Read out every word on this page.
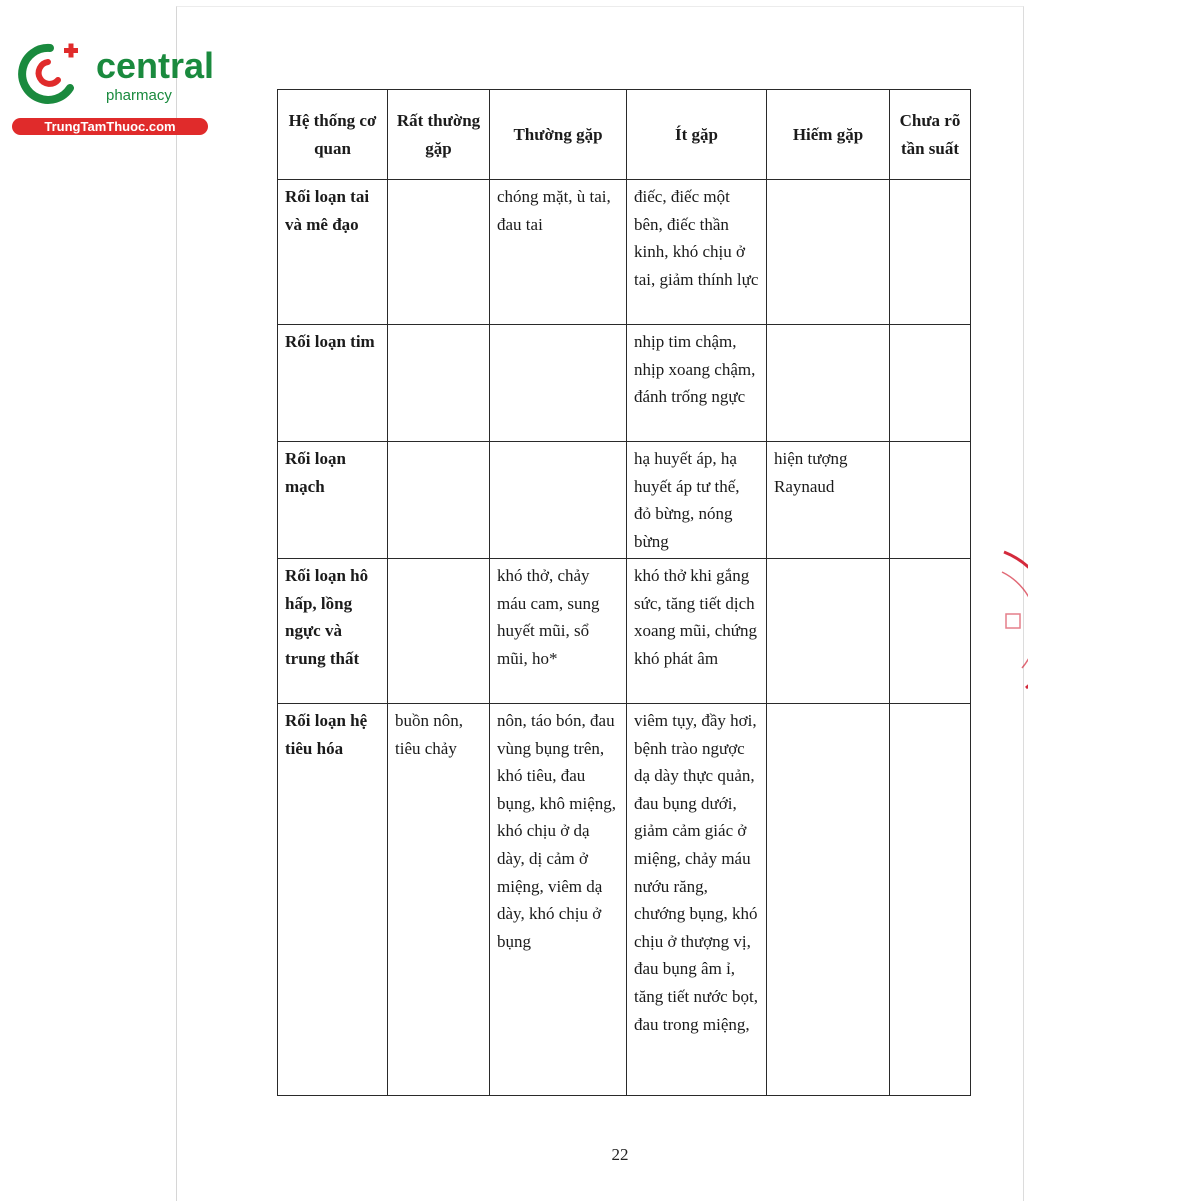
central
pharmacy
TrungTamThuoc.com	Hệ thống cơ quan	Rất thường gặp	Thường gặp	Ít gặp	Hiếm gặp	Chưa rõ tần suất
Rối loạn tai và mê đạo		chóng mặt, ù tai, đau tai	điếc, điếc một bên, điếc thần kinh, khó chịu ở tai, giảm thính lực		
Rối loạn tim			nhịp tim chậm, nhịp xoang chậm, đánh trống ngực		
Rối loạn mạch			hạ huyết áp, hạ huyết áp tư thế, đỏ bừng, nóng bừng	hiện tượng Raynaud	
Rối loạn hô hấp, lồng ngực và trung thất		khó thở, chảy máu cam, sung huyết mũi, sổ mũi, ho*	khó thở khi gắng sức, tăng tiết dịch xoang mũi, chứng khó phát âm		
Rối loạn hệ tiêu hóa	buồn nôn, tiêu chảy	nôn, táo bón, đau vùng bụng trên, khó tiêu, đau bụng, khô miệng, khó chịu ở dạ dày, dị cảm ở miệng, viêm dạ dày, khó chịu ở bụng	viêm tụy, đầy hơi, bệnh trào ngược dạ dày thực quản, đau bụng dưới, giảm cảm giác ở miệng, chảy máu nướu răng, chướng bụng, khó chịu ở thượng vị, đau bụng âm ỉ, tăng tiết nước bọt, đau trong miệng,		
22
